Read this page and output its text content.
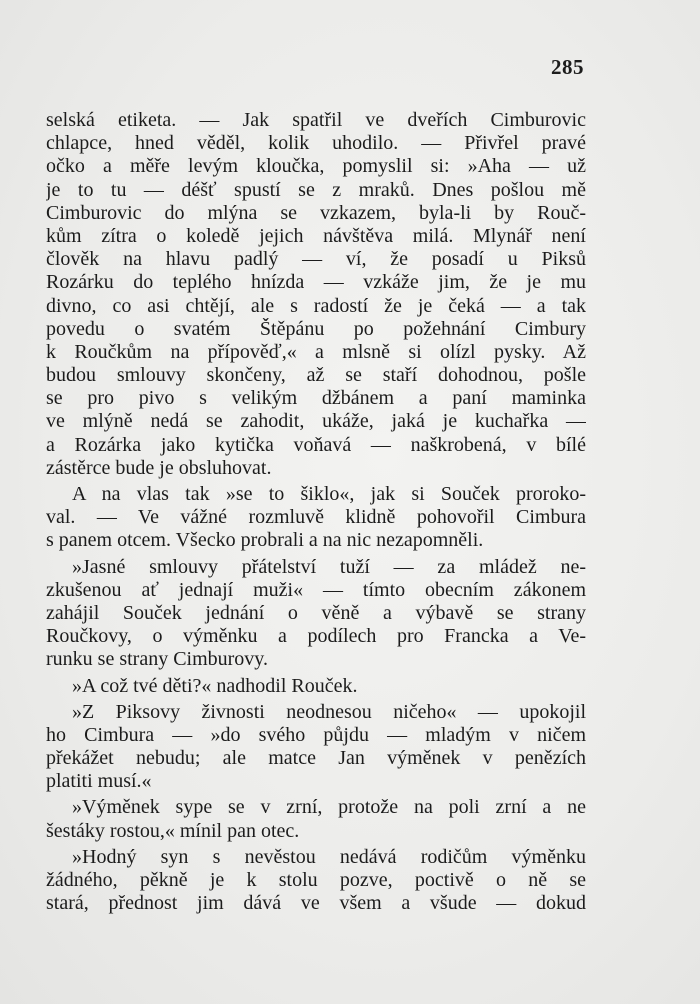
285
selská etiketa. — Jak spatřil ve dveřích Cimburovic
chlapce, hned věděl, kolik uhodilo. — Přivřel pravé
očko a měře levým kloučka, pomyslil si: »Aha — už
je to tu — déšť spustí se z mraků. Dnes pošlou mě
Cimburovic do mlýna se vzkazem, byla-li by Rouč-
kům zítra o koledě jejich návštěva milá. Mlynář není
člověk na hlavu padlý — ví, že posadí u Piksů
Rozárku do teplého hnízda — vzkáže jim, že je mu
divno, co asi chtějí, ale s radostí že je čeká — a tak
povedu o svatém Štěpánu po požehnání Cimbury
k Roučkům na přípověď,« a mlsně si olízl pysky. Až
budou smlouvy skončeny, až se staří dohodnou, pošle
se pro pivo s velikým džbánem a paní maminka
ve mlýně nedá se zahodit, ukáže, jaká je kuchařka —
a Rozárka jako kytička voňavá — naškrobená, v bílé
zástěrce bude je obsluhovat.
A na vlas tak »se to šiklo«, jak si Souček proroko-
val. — Ve vážné rozmluvě klidně pohovořil Cimbura
s panem otcem. Všecko probrali a na nic nezapomněli.
»Jasné smlouvy přátelství tuží — za mládež ne-
zkušenou ať jednají muži« — tímto obecním zákonem
zahájil Souček jednání o věně a výbavě se strany
Roučkovy, o výměnku a podílech pro Francka a Ve-
runku se strany Cimburovy.
»A což tvé děti?« nadhodil Rouček.
»Z Piksovy živnosti neodnesou ničeho« — upokojil
ho Cimbura — »do svého půjdu — mladým v ničem
překážet nebudu; ale matce Jan výměnek v penězích
platiti musí.«
»Výměnek sype se v zrní, protože na poli zrní a ne
šestáky rostou,« mínil pan otec.
»Hodný syn s nevěstou nedává rodičům výměnku
žádného, pěkně je k stolu pozve, poctivě o ně se
stará, přednost jim dává ve všem a všude — dokud
